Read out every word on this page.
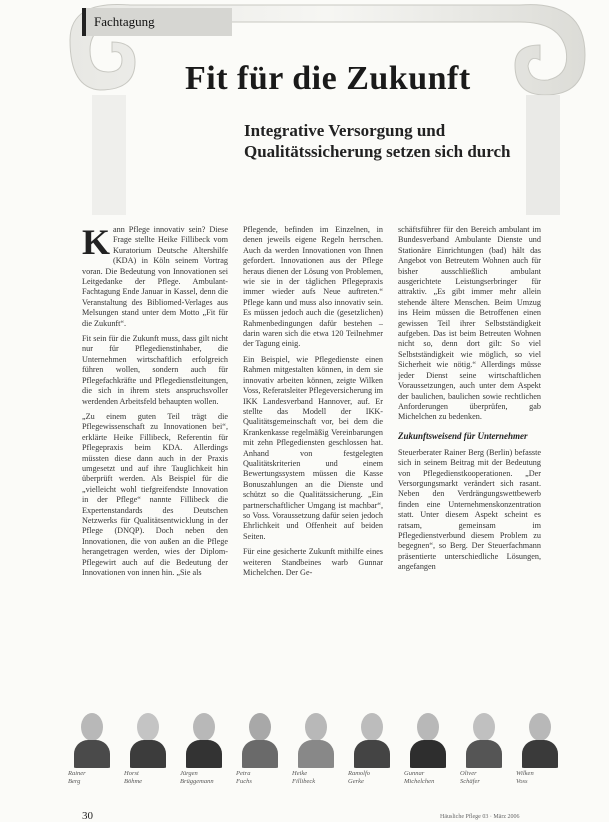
Fachtagung
Fit für die Zukunft
Integrative Versorgung und Qualitätssicherung setzen sich durch
K ann Pflege innovativ sein? Diese Frage stellte Heike Fillibeck vom Kuratorium Deutsche Altershilfe (KDA) in Köln seinem Vortrag voran. Die Bedeutung von Innovationen sei Leitgedanke der Pflege. Ambulant-Fachtagung Ende Januar in Kassel, denn die Veranstaltung des Bibliomed-Verlages aus Melsungen stand unter dem Motto „Fit für die Zukunft“.

Fit sein für die Zukunft muss, dass gilt nicht nur für Pflegedienstinhaber, die Unternehmen wirtschaftlich erfolgreich führen wollen, sondern auch für Pflegefachkräfte und Pflegedienstleitungen, die sich in ihrem stets anspruchsvoller werdenden Arbeitsfeld behaupten wollen.

„Zu einem guten Teil trägt die Pflegewissenschaft zu Innovationen bei“, erklärte Heike Fillibeck, Referentin für Pflegepraxis beim KDA. Allerdings müssten diese dann auch in der Praxis umgesetzt und auf ihre Tauglichkeit hin überprüft werden. Als Beispiel für die „vielleicht wohl tiefgreifendste Innovation in der Pflege“ nannte Fillibeck die Expertenstandards des Deutschen Netzwerks für Qualitätsentwicklung in der Pflege (DNQP). Doch neben den Innovationen, die von außen an die Pflege herangetragen werden, wies der Diplom-Pflegewirt auch auf die Bedeutung der Innovationen von innen hin. „Sie als

Pflegende, befinden im Einzelnen, in denen jeweils eigene Regeln herrschen. Auch da werden Innovationen von Ihnen gefordert. Innovationen aus der Pflege heraus dienen der Lösung von Problemen, wie sie in der täglichen Pflegepraxis immer wieder aufs Neue auftreten.“ Pflege kann und muss also innovativ sein. Es müssen jedoch auch die (gesetzlichen) Rahmenbedingungen dafür bestehen – darin waren sich die etwa 120 Teilnehmer der Tagung einig.

Ein Beispiel, wie Pflegedienste einen Rahmen mitgestalten können, in dem sie innovativ arbeiten können, zeigte Wilken Voss, Referatsleiter Pflegeversicherung im IKK Landesverband Hannover, auf. Er stellte das Modell der IKK-Qualitätsgemeinschaft vor, bei dem die Krankenkasse regelmäßig Vereinbarungen mit zehn Pflegediensten geschlossen hat. Anhand von festgelegten Qualitätskriterien und einem Bewertungssystem müssen die Kasse Bonuszahlungen an die Dienste und schützt so die Qualitätssicherung. „Ein partnerschaftlicher Umgang ist machbar“, so Voss. Voraussetzung dafür seien jedoch Ehrlichkeit und Offenheit auf beiden Seiten.

Für eine gesicherte Zukunft mithilfe eines weiteren Standbeines warb Gunnar Michelchen. Der Ge-

schäftsführer für den Bereich ambulant im Bundesverband Ambulante Dienste und Stationäre Einrichtungen (bad) hält das Angebot von Betreutem Wohnen auch für bisher ausschließlich ambulant ausgerichtete Leistungserbringer für attraktiv. „Es gibt immer mehr allein stehende ältere Menschen. Beim Umzug ins Heim müssen die Betroffenen einen gewissen Teil ihrer Selbstständigkeit aufgeben. Das ist beim Betreuten Wohnen nicht so, denn dort gilt: So viel Selbstständigkeit wie möglich, so viel Sicherheit wie nötig.“ Allerdings müsse jeder Dienst seine wirtschaftlichen Voraussetzungen, auch unter dem Aspekt der baulichen, baulichen sowie rechtlichen Anforderungen überprüfen, gab Michelchen zu bedenken.

Zukunftsweisend für Unternehmer

Steuerberater Rainer Berg (Berlin) befasste sich in seinem Beitrag mit der Bedeutung von Pflegedienstkooperationen. „Der Versorgungsmarkt verändert sich rasant. Neben den Verdrängungswettbewerb finden eine Unternehmenskonzentration statt. Unter diesem Aspekt scheint es ratsam, gemeinsam im Pflegedienstverbund diesem Problem zu begegnen“, so Berg. Der Steuerfachmann präsentierte unterschiedliche Lösungen, angefangen

Rainer
Berg
Horst
Böhme
Jürgen
Brüggemann
Petra
Fuchs
Heike
Fillibeck
Ramolfo
Gerke
Gunnar
Michelchen
Oliver
Schäfer
Wilken
Voss
30	Häusliche Pflege 03 · März 2006
